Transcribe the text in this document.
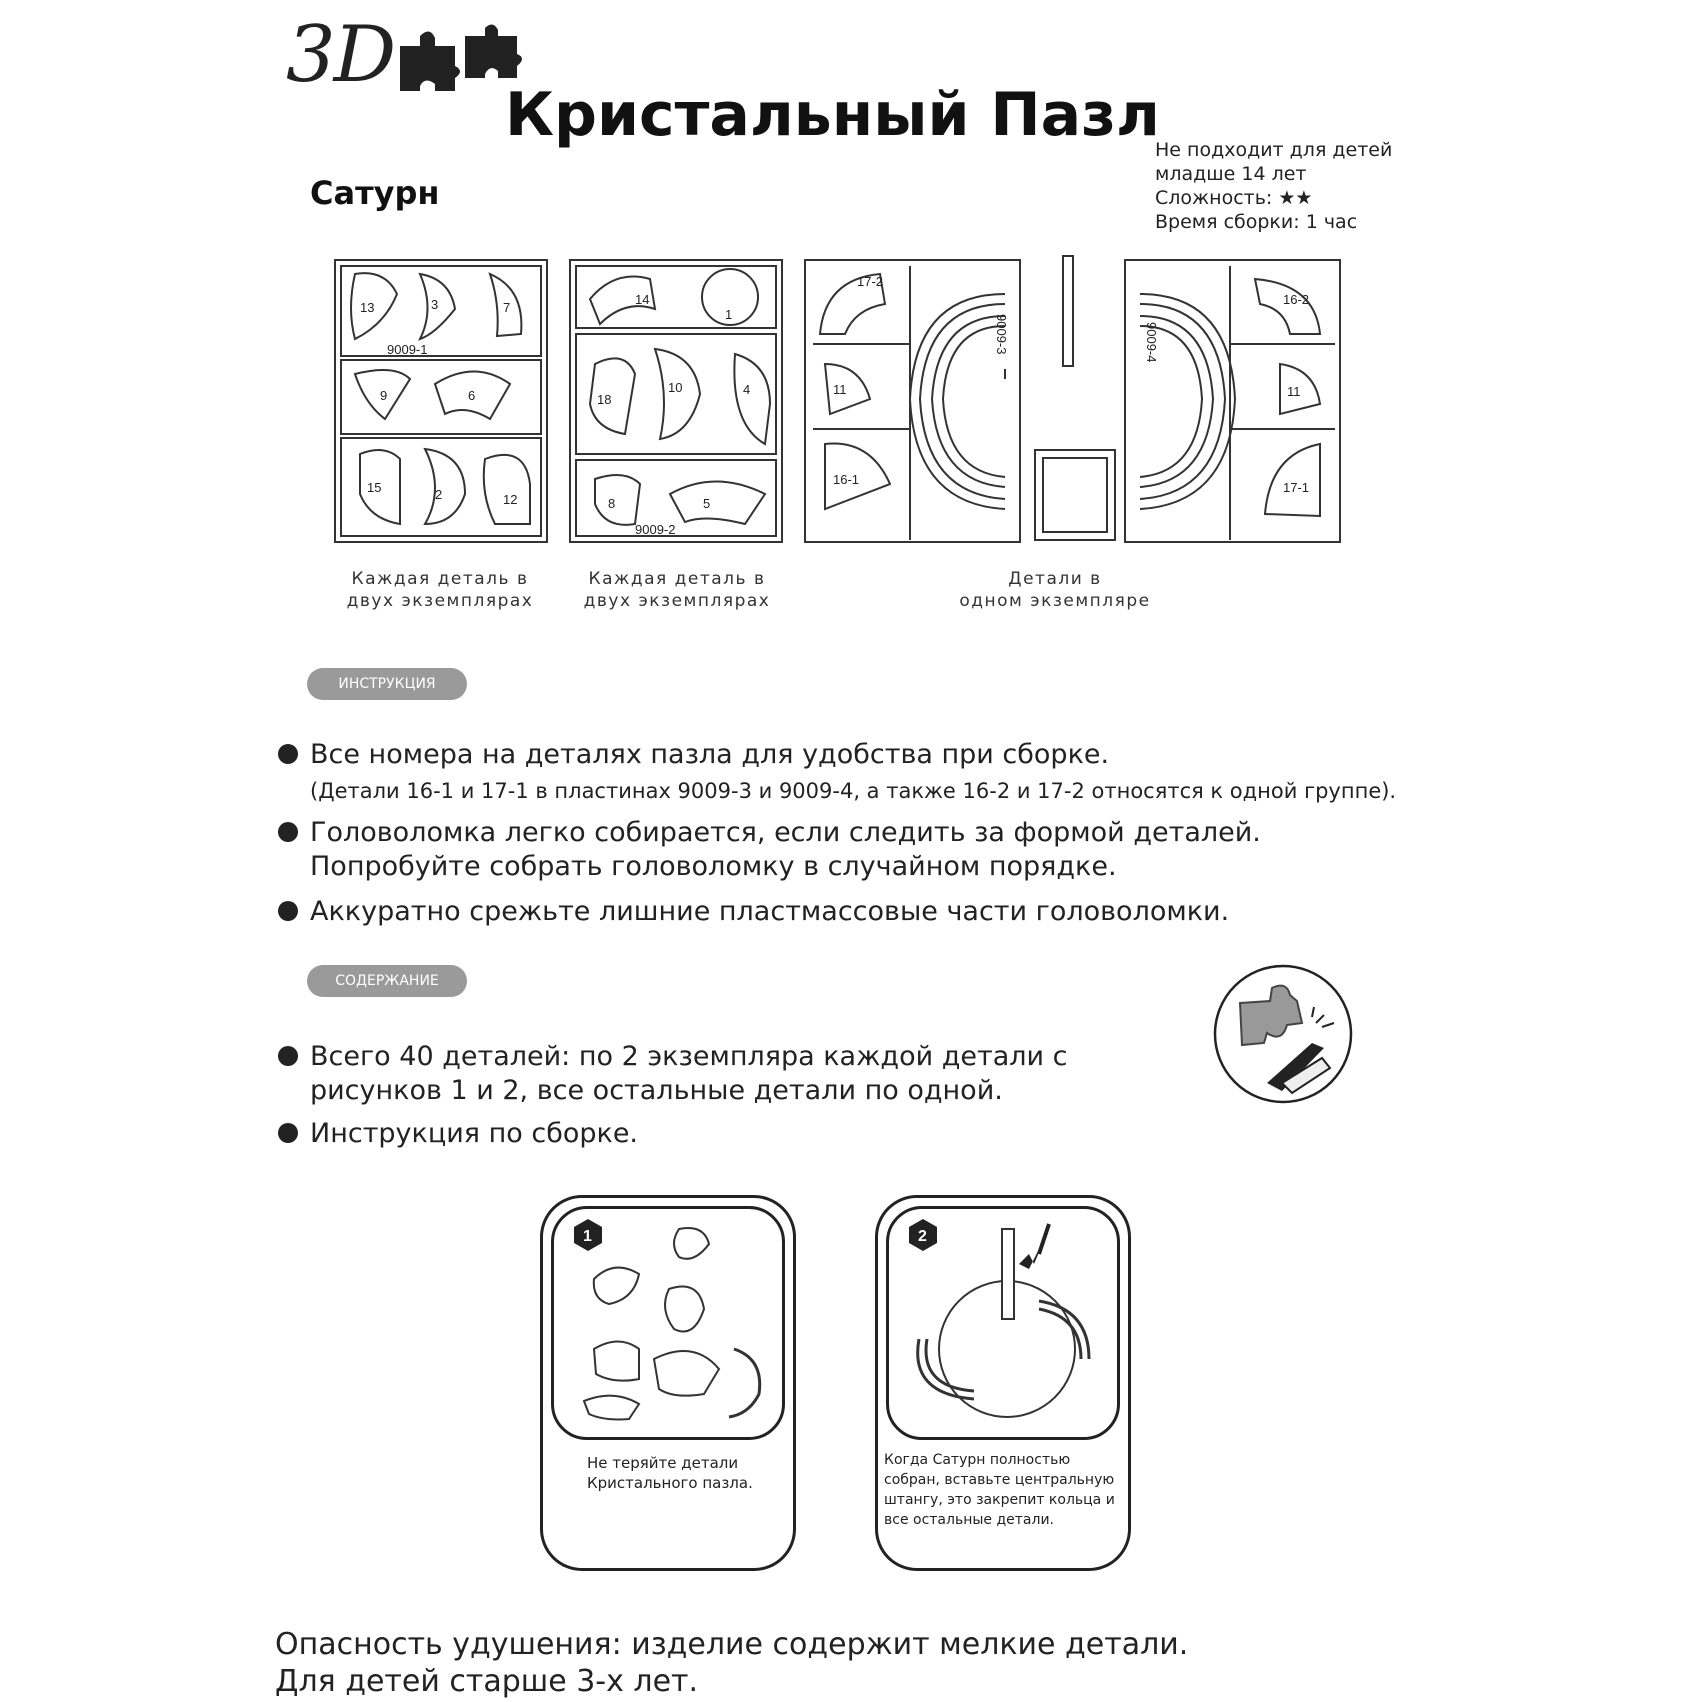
3D
Кристальный Пазл
Сатурн
Не подходит для детей
младше 14 лет
Сложность: ★★
Время сборки: 1 час
13	3	7
9	6
15	2	12
9009-1
14
1
18
10	4
8	5
9009-2
17-2
11
16-1
9009-3
16-2
11
17-1
9009-4
Каждая деталь в
двух экземплярах
Каждая деталь в
двух экземплярах
Детали в
одном экземпляре
ИНСТРУКЦИЯ
Все номера на деталях пазла для удобства при сборке.
(Детали 16-1 и 17-1 в пластинах 9009-3 и 9009-4, а также 16-2 и 17-2 относятся к одной группе).
Головоломка легко собирается, если следить за формой деталей.
Попробуйте собрать головоломку в случайном порядке.
Аккуратно срежьте лишние пластмассовые части головоломки.
СОДЕРЖАНИЕ
Всего 40 деталей: по 2 экземпляра каждой детали с
рисунков 1 и 2, все остальные детали по одной.
Инструкция по сборке.
1
Не теряйте детали
Кристального пазла.
2
Когда Сатурн полностью
собран, вставьте центральную
штангу, это закрепит кольца и
все остальные детали.
Опасность удушения: изделие содержит мелкие детали.
Для детей старше 3-х лет.
